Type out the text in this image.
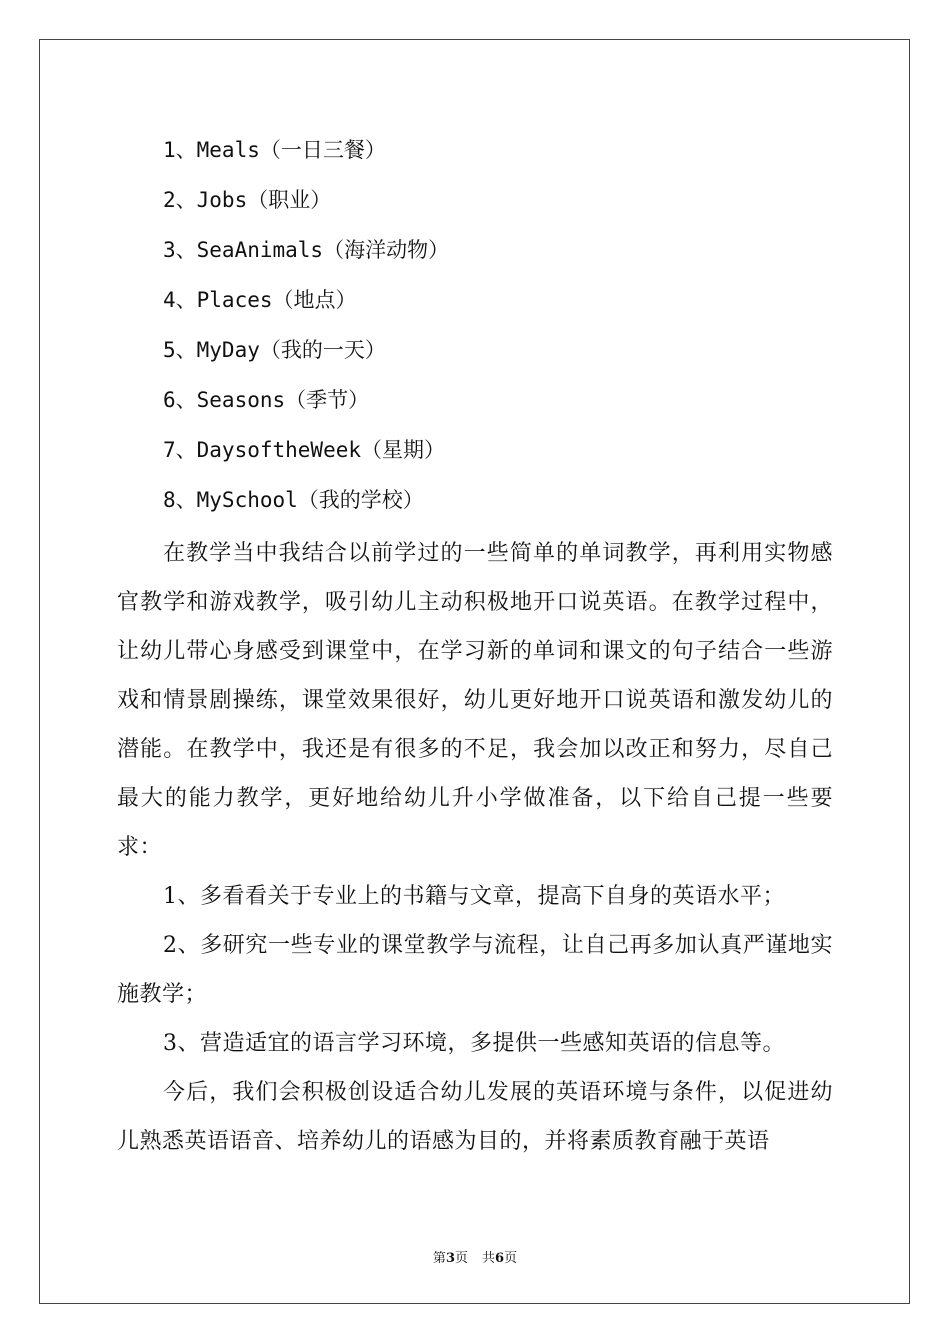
1、Meals（一日三餐）
2、Jobs（职业）
3、SeaAnimals（海洋动物）
4、Places（地点）
5、MyDay（我的一天）
6、Seasons（季节）
7、DaysoftheWeek（星期）
8、MySchool（我的学校）

在教学当中我结合以前学过的一些简单的单词教学，再利用实物感官教学和游戏教学，吸引幼儿主动积极地开口说英语。在教学过程中，让幼儿带心身感受到课堂中，在学习新的单词和课文的句子结合一些游戏和情景剧操练，课堂效果很好，幼儿更好地开口说英语和激发幼儿的潜能。在教学中，我还是有很多的不足，我会加以改正和努力，尽自己最大的能力教学，更好地给幼儿升小学做准备，以下给自己提一些要求：

1、多看看关于专业上的书籍与文章，提高下自身的英语水平；

2、多研究一些专业的课堂教学与流程，让自己再多加认真严谨地实施教学；

3、营造适宜的语言学习环境，多提供一些感知英语的信息等。

今后，我们会积极创设适合幼儿发展的英语环境与条件，以促进幼儿熟悉英语语音、培养幼儿的语感为目的，并将素质教育融于英语

第3页 共6页
